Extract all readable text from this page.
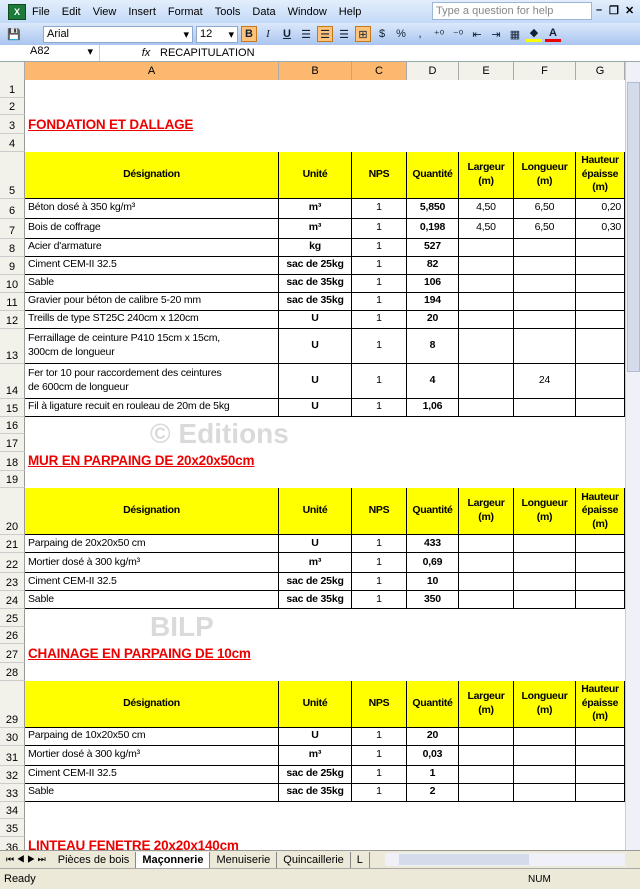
X	File Edit View Insert Format Tools Data Window Help	Type a question for help	– ❐ ✕
💾	Arial	▾	12 ▾	B	I	U ☰ ☰ ☰ ⊞	$	%	,	⁺⁰ ⁻⁰ ⇤ ⇥ ▦ ◆ A
A82	▾	fx RECAPITULATION
A	B	C	D	E	F	G
© Editions
BILP
1
2
3 FONDATION ET DALLAGE
4
5
Désignation	Unité	NPS	Quantité
Largeur
(m)
Longueur
(m)
Hauteur
épaisse
(m)
6	Béton dosé à 350 kg/m³	m³	1	5,850	4,50	6,50	0,20
7	Bois de coffrage	m³	1	0,198	4,50	6,50	0,30
8	Acier d'armature	kg	1	527
9	Ciment CEM-II 32.5	sac de 25kg	1	82
10 Sable	sac de 35kg	1	106
11 Gravier pour béton de calibre 5-20 mm	sac de 35kg	1	194
12 Treills de type ST25C 240cm x 120cm	U	1	20
13
Ferraillage de ceinture P410 15cm x 15cm,
300cm de longueur
U	1	8
14
Fer tor 10 pour raccordement des ceintures
de 600cm de longueur
U	1	4	24
15 Fil à ligature recuit en rouleau de 20m de 5kg	U	1	1,06
16
17
18 MUR EN PARPAING DE 20x20x50cm
19
20
Désignation	Unité	NPS	Quantité
Largeur
(m)
Longueur
(m)
Hauteur
épaisse
(m)
21 Parpaing de 20x20x50 cm	U	1	433
22 Mortier dosé à 300 kg/m³	m³	1	0,69
23 Ciment CEM-II 32.5	sac de 25kg	1	10
24 Sable	sac de 35kg	1	350
25
26
27 CHAINAGE EN PARPAING DE 10cm
28
29
Désignation	Unité	NPS	Quantité
Largeur
(m)
Longueur
(m)
Hauteur
épaisse
(m)
30 Parpaing de 10x20x50 cm	U	1	20
31 Mortier dosé à 300 kg/m³	m³	1	0,03
32 Ciment CEM-II 32.5	sac de 25kg	1	1
33 Sable	sac de 35kg	1	2
34
35
36 LINTEAU FENETRE 20x20x140cm
⏮ ◀ ▶ ⏭	Pièces de bois	Maçonnerie	Menuiserie	Quincaillerie	L
Ready	NUM
